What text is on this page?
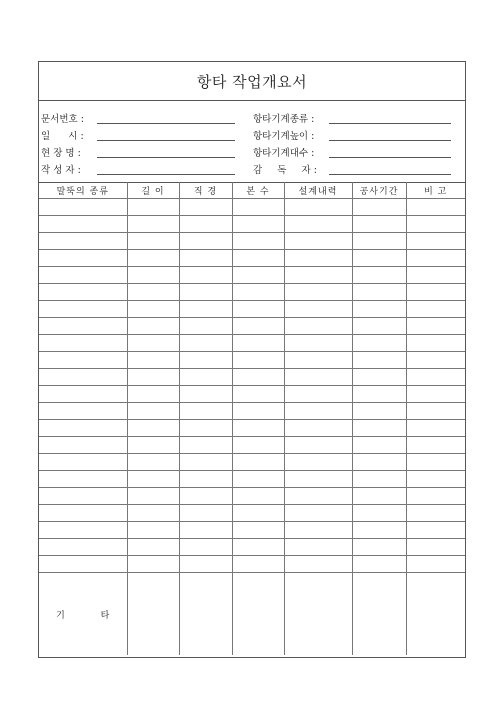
항타 작업개요서
문서번호 :	항타기계종류 :
일      시 :	항타기계높이 :
현 장 명 :	항타기계대수 :
작 성 자 :	감     독     자 :
말뚝의 종류	길 이	직 경	본 수	설계내력	공사기간	비 고

기 타						
